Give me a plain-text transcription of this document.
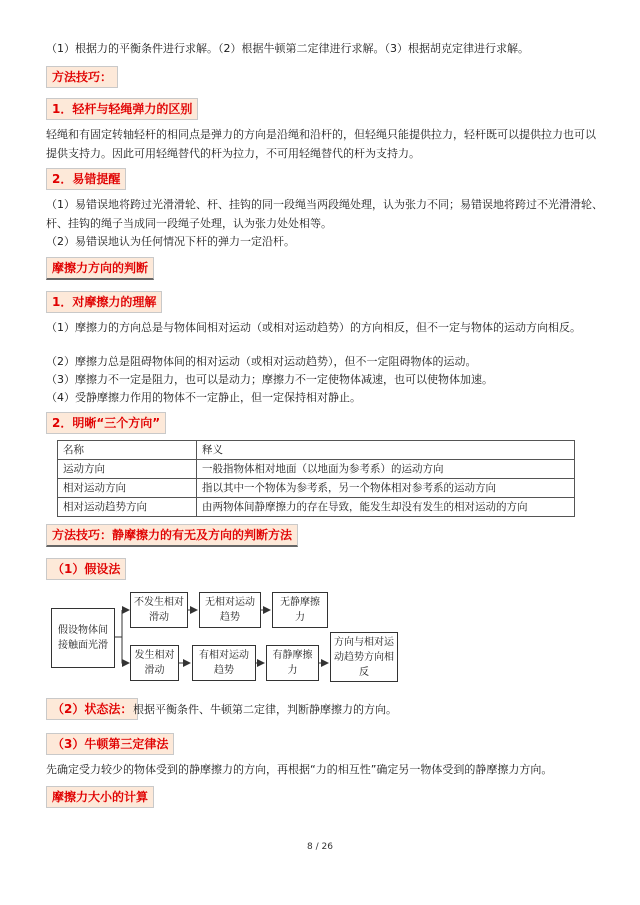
（1）根据力的平衡条件进行求解。（2）根据牛顿第二定律进行求解。（3）根据胡克定律进行求解。
方法技巧：
1．轻杆与轻绳弹力的区别
轻绳和有固定转轴轻杆的相同点是弹力的方向是沿绳和沿杆的，但轻绳只能提供拉力，轻杆既可以提供拉力也可以提供支持力。因此可用轻绳替代的杆为拉力，不可用轻绳替代的杆为支持力。
2．易错提醒
（1）易错误地将跨过光滑滑轮、杆、挂钩的同一段绳当两段绳处理，认为张力不同；易错误地将跨过不光滑滑轮、杆、挂钩的绳子当成同一段绳子处理，认为张力处处相等。
（2）易错误地认为任何情况下杆的弹力一定沿杆。
摩擦力方向的判断
1．对摩擦力的理解
（1）摩擦力的方向总是与物体间相对运动（或相对运动趋势）的方向相反，但不一定与物体的运动方向相反。
（2）摩擦力总是阻碍物体间的相对运动（或相对运动趋势），但不一定阻碍物体的运动。
（3）摩擦力不一定是阻力，也可以是动力；摩擦力不一定使物体减速，也可以使物体加速。
（4）受静摩擦力作用的物体不一定静止，但一定保持相对静止。
2．明晰“三个方向”
名称	释义
运动方向	一般指物体相对地面（以地面为参考系）的运动方向
相对运动方向	指以其中一个物体为参考系，另一个物体相对参考系的运动方向
相对运动趋势方向	由两物体间静摩擦力的存在导致，能发生却没有发生的相对运动的方向
方法技巧：静摩擦力的有无及方向的判断方法
（1）假设法
假设物体间接触面光滑
不发生相对滑动
无相对运动趋势
无静摩擦力
发生相对滑动
有相对运动趋势
有静摩擦力
方向与相对运动趋势方向相反
（2）状态法： 根据平衡条件、牛顿第二定律，判断静摩擦力的方向。
（3）牛顿第三定律法
先确定受力较少的物体受到的静摩擦力的方向，再根据“力的相互性”确定另一物体受到的静摩擦力方向。
摩擦力大小的计算
8 / 26
